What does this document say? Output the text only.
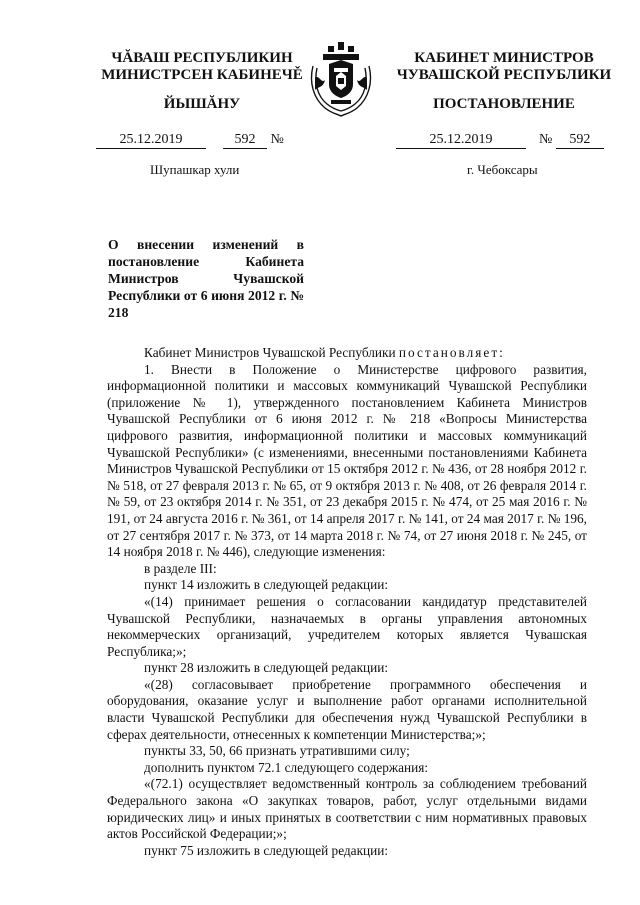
ЧĂВАШ РЕСПУБЛИКИН
МИНИСТРСЕН КАБИНЕЧĚ
ЙЫШĂНУ
КАБИНЕТ МИНИСТРОВ
ЧУВАШСКОЙ РЕСПУБЛИКИ
ПОСТАНОВЛЕНИЕ
25.12.2019	592 №	25.12.2019	№ 592
Шупашкар хули	г. Чебоксары
О внесении изменений в постановление Кабинета Министров Чувашской Республики от 6 июня 2012 г. № 218

Кабинет Министров Чувашской Республики постановляет:

1. Внести в Положение о Министерстве цифрового развития, информационной политики и массовых коммуникаций Чувашской Республики (приложение № 1), утвержденного постановлением Кабинета Министров Чувашской Республики от 6 июня 2012 г. № 218 «Вопросы Министерства цифрового развития, информационной политики и массовых коммуникаций Чувашской Республики» (с изменениями, внесенными постановлениями Кабинета Министров Чувашской Республики от 15 октября 2012 г. № 436, от 28 ноября 2012 г. № 518, от 27 февраля 2013 г. № 65, от 9 октября 2013 г. № 408, от 26 февраля 2014 г. № 59, от 23 октября 2014 г. № 351, от 23 декабря 2015 г. № 474, от 25 мая 2016 г. № 191, от 24 августа 2016 г. № 361, от 14 апреля 2017 г. № 141, от 24 мая 2017 г. № 196, от 27 сентября 2017 г. № 373, от 14 марта 2018 г. № 74, от 27 июня 2018 г. № 245, от 14 ноября 2018 г. № 446), следующие изменения:

в разделе III:

пункт 14 изложить в следующей редакции:

«(14) принимает решения о согласовании кандидатур представителей Чувашской Республики, назначаемых в органы управления автономных некоммерческих организаций, учредителем которых является Чувашская Республика;»;

пункт 28 изложить в следующей редакции:

«(28) согласовывает приобретение программного обеспечения и оборудования, оказание услуг и выполнение работ органами исполнительной власти Чувашской Республики для обеспечения нужд Чувашской Республики в сферах деятельности, отнесенных к компетенции Министерства;»;

пункты 33, 50, 66 признать утратившими силу;

дополнить пунктом 72.1 следующего содержания:

«(72.1) осуществляет ведомственный контроль за соблюдением требований Федерального закона «О закупках товаров, работ, услуг отдельными видами юридических лиц» и иных принятых в соответствии с ним нормативных правовых актов Российской Федерации;»;

пункт 75 изложить в следующей редакции:
